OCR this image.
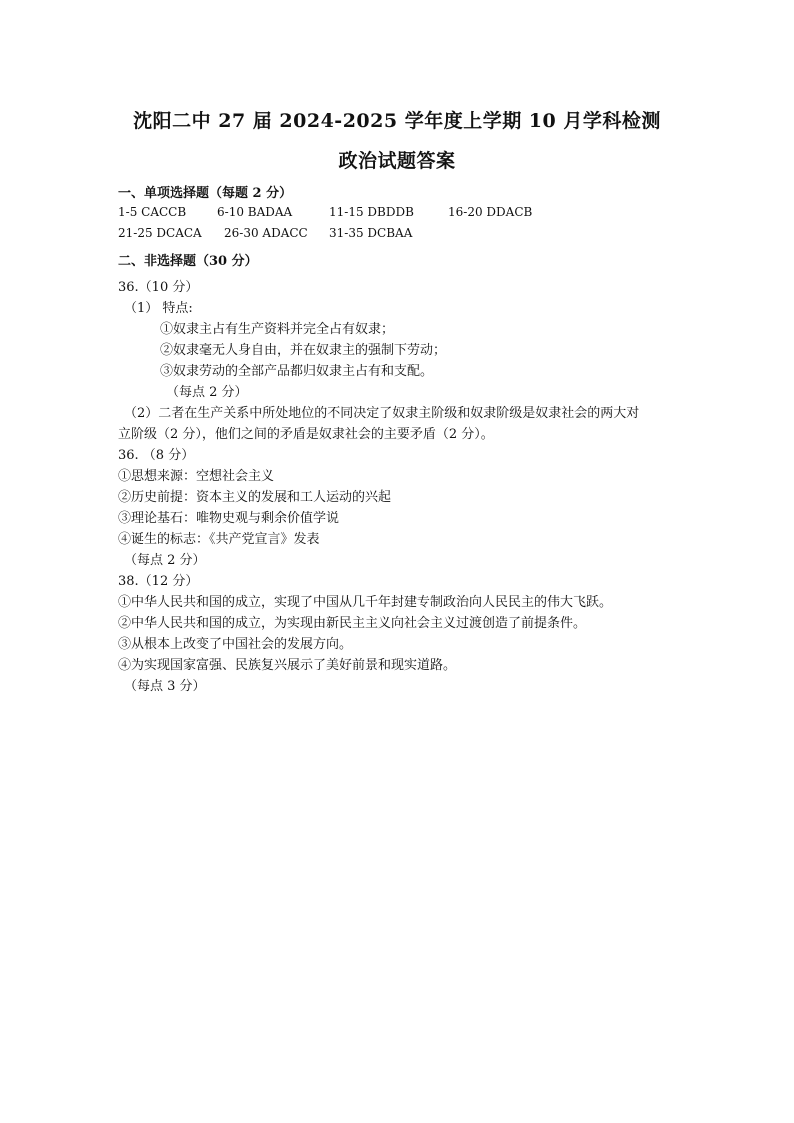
沈阳二中 27 届 2024-2025 学年度上学期 10 月学科检测
政治试题答案
一、单项选择题（每题 2 分）
1-5 CACCB	6-10 BADAA	11-15 DBDDB	16-20 DDACB
21-25 DCACA 26-30 ADACC 31-35 DCBAA
二、非选择题（30 分）
36.（10 分）
（1） 特点:
①奴隶主占有生产资料并完全占有奴隶；
②奴隶毫无人身自由，并在奴隶主的强制下劳动；
③奴隶劳动的全部产品都归奴隶主占有和支配。
（每点 2 分）
（2）二者在生产关系中所处地位的不同决定了奴隶主阶级和奴隶阶级是奴隶社会的两大对
立阶级（2 分），他们之间的矛盾是奴隶社会的主要矛盾（2 分）。
36. （8 分）
①思想来源：空想社会主义
②历史前提：资本主义的发展和工人运动的兴起
③理论基石：唯物史观与剩余价值学说
④诞生的标志：《共产党宣言》发表
（每点 2 分）
38.（12 分）
①中华人民共和国的成立，实现了中国从几千年封建专制政治向人民民主的伟大飞跃。
②中华人民共和国的成立，为实现由新民主主义向社会主义过渡创造了前提条件。
③从根本上改变了中国社会的发展方向。
④为实现国家富强、民族复兴展示了美好前景和现实道路。
（每点 3 分）
